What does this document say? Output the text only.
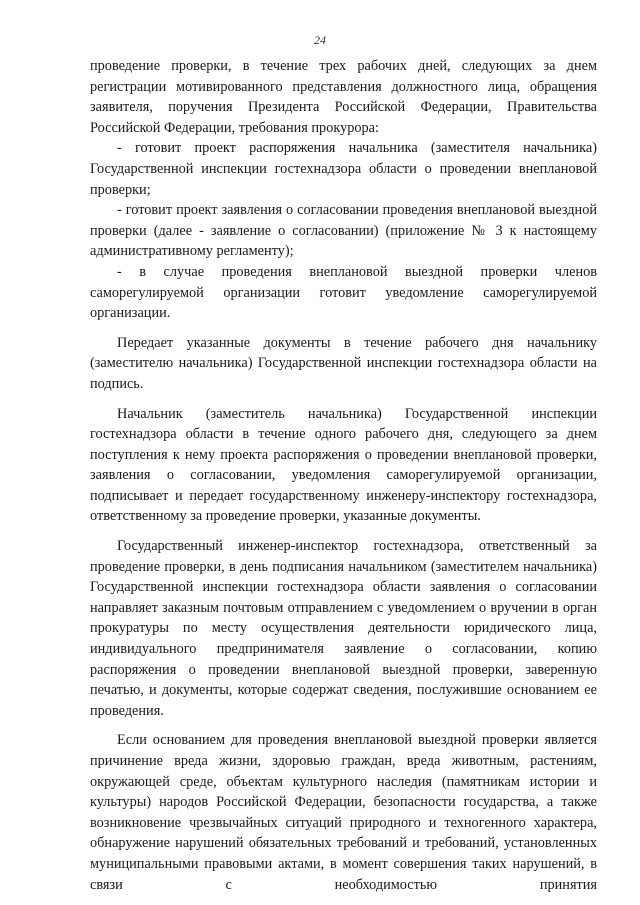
24

проведение проверки, в течение трех рабочих дней, следующих за днем регистрации мотивированного представления должностного лица, обращения заявителя, поручения Президента Российской Федерации, Правительства Российской Федерации, требования прокурора:

- готовит проект распоряжения начальника (заместителя начальника) Государственной инспекции гостехнадзора области о проведении внеплановой проверки;

- готовит проект заявления о согласовании проведения внеплановой выездной проверки (далее - заявление о согласовании) (приложение № 3 к настоящему административному регламенту);

- в случае проведения внеплановой выездной проверки членов саморегулируемой организации готовит уведомление саморегулируемой организации.

Передает указанные документы в течение рабочего дня начальнику (заместителю начальника) Государственной инспекции гостехнадзора области на подпись.

Начальник (заместитель начальника) Государственной инспекции гостехнадзора области в течение одного рабочего дня, следующего за днем поступления к нему проекта распоряжения о проведении внеплановой проверки, заявления о согласовании, уведомления саморегулируемой организации, подписывает и передает государственному инженеру-инспектору гостехнадзора, ответственному за проведение проверки, указанные документы.

Государственный инженер-инспектор гостехнадзора, ответственный за проведение проверки, в день подписания начальником (заместителем начальника) Государственной инспекции гостехнадзора области заявления о согласовании направляет заказным почтовым отправлением с уведомлением о вручении в орган прокуратуры по месту осуществления деятельности юридического лица, индивидуального предпринимателя заявление о согласовании, копию распоряжения о проведении внеплановой выездной проверки, заверенную печатью, и документы, которые содержат сведения, послужившие основанием ее проведения.

Если основанием для проведения внеплановой выездной проверки является причинение вреда жизни, здоровью граждан, вреда животным, растениям, окружающей среде, объектам культурного наследия (памятникам истории и культуры) народов Российской Федерации, безопасности государства, а также возникновение чрезвычайных ситуаций природного и техногенного характера, обнаружение нарушений обязательных требований и требований, установленных муниципальными правовыми актами, в момент совершения таких нарушений, в связи с необходимостью принятия
